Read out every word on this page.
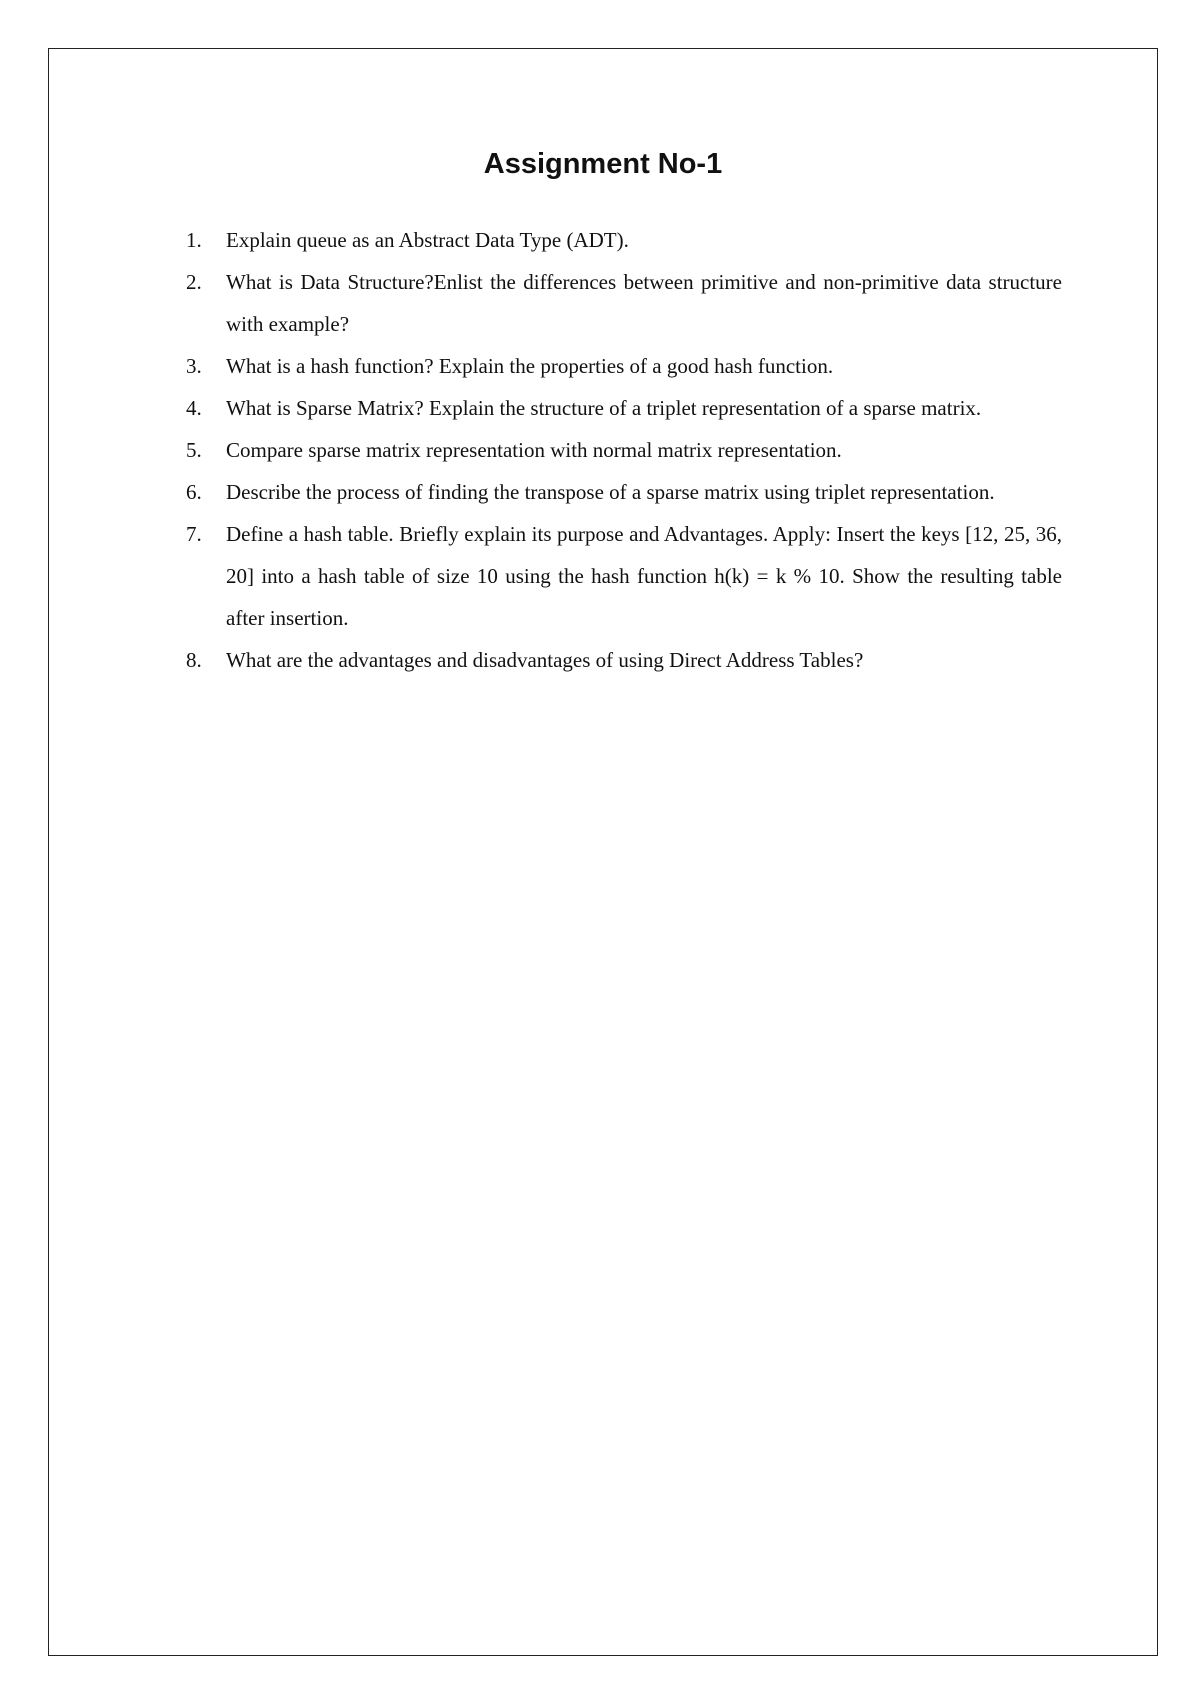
Assignment No-1
1. Explain queue as an Abstract Data Type (ADT).
2. What is Data Structure?Enlist the differences between primitive and non-primitive data structure with example?
3. What is a hash function? Explain the properties of a good hash function.
4. What is Sparse Matrix? Explain the structure of a triplet representation of a sparse matrix.
5. Compare sparse matrix representation with normal matrix representation.
6. Describe the process of finding the transpose of a sparse matrix using triplet representation.
7. Define a hash table. Briefly explain its purpose and Advantages. Apply: Insert the keys [12, 25, 36, 20] into a hash table of size 10 using the hash function h(k) = k % 10. Show the resulting table after insertion.
8. What are the advantages and disadvantages of using Direct Address Tables?
